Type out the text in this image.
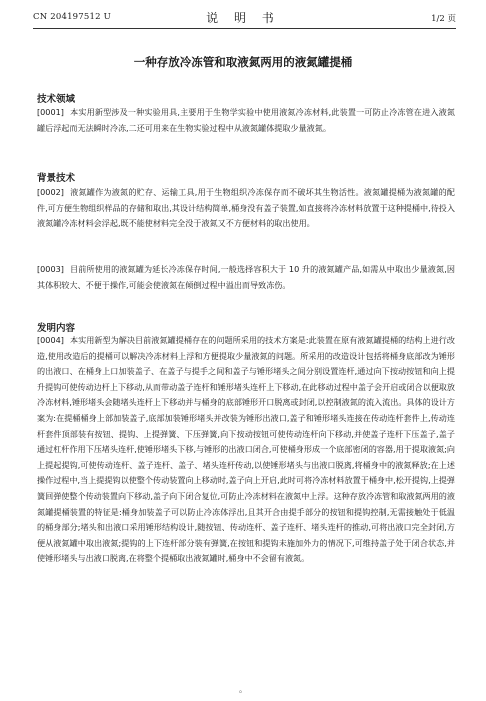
CN 204197512 U	说 明 书	1/2 页
一种存放冷冻管和取液氮两用的液氮罐提桶
技术领域
[0001] 本实用新型涉及一种实验用具,主要用于生物学实验中使用液氮冷冻材料,此装置一可防止冷冻管在进入液氮罐后浮起而无法瞬时冷冻,二还可用来在生物实验过程中从液氮罐体提取少量液氮。
背景技术
[0002] 液氮罐作为液氮的贮存、运输工具,用于生物组织冷冻保存而不破坏其生物活性。液氮罐提桶为液氮罐的配件,可方便生物组织样品的存储和取出,其设计结构简单,桶身没有盖子装置,如直接将冷冻材料放置于这种提桶中,待投入液氮罐冷冻材料会浮起,既不能使材料完全没于液氮又不方便材料的取出使用。
[0003] 目前所使用的液氮罐为延长冷冻保存时间,一般选择容积大于 10 升的液氮罐产品,如需从中取出少量液氮,因其体积较大、不便于操作,可能会使液氮在倾倒过程中溢出而导致冻伤。
发明内容
[0004] 本实用新型为解决目前液氮罐提桶存在的问题所采用的技术方案是:此装置在原有液氮罐提桶的结构上进行改造,使用改造后的提桶可以解决冷冻材料上浮和方便提取少量液氮的问题。所采用的改造设计包括将桶身底部改为锤形的出液口、在桶身上口加装盖子、在盖子与提手之间和盖子与锤形堵头之间分别设置连杆,通过向下按动按钮和向上提升提钩可使传动边杆上下移动,从而带动盖子连杆和锤形堵头连杆上下移动,在此移动过程中盖子会开启或闭合以便取放冷冻材料,锤形堵头会随堵头连杆上下移动并与桶身的底部锤形开口脱离或封闭,以控制液氮的流入流出。具体的设计方案为:在提桶桶身上部加装盖子,底部加装锤形堵头并改装为锤形出液口,盖子和锤形堵头连接在传动连杆套件上,传动连杆套件顶部装有按钮、提钩、上提弹簧、下压弹簧,向下按动按钮可使传动连杆向下移动,并使盖子连杆下压盖子,盖子通过杠杆作用下压堵头连杆,使锤形堵头下移,与锤形的出液口闭合,可使桶身形成一个底部密闭的容器,用于提取液氮;向上提起提钩,可使传动连杆、盖子连杆、盖子、堵头连杆传动,以使锤形堵头与出液口脱离,将桶身中的液氮释放;在上述操作过程中,当上提提钩以使整个传动装置向上移动时,盖子向上开启,此时可将冷冻材料放置于桶身中,松开提钩,上提弹簧回弹使整个传动装置向下移动,盖子向下闭合复位,可防止冷冻材料在液氮中上浮。这种存放冷冻管和取液氮两用的液氮罐提桶装置的特征是:桶身加装盖子可以防止冷冻体浮出,且其开合由提手部分的按钮和提钩控制,无需接触处于低温的桶身部分;堵头和出液口采用锤形结构设计,随按钮、传动连杆、盖子连杆、堵头连杆的推动,可将出液口完全封闭,方便从液氮罐中取出液氮;提钩的上下连杆部分装有弹簧,在按钮和提钩未施加外力的情况下,可维持盖子处于闭合状态,并使锤形堵头与出液口脱离,在将整个提桶取出液氮罐时,桶身中不会留有液氮。
。
